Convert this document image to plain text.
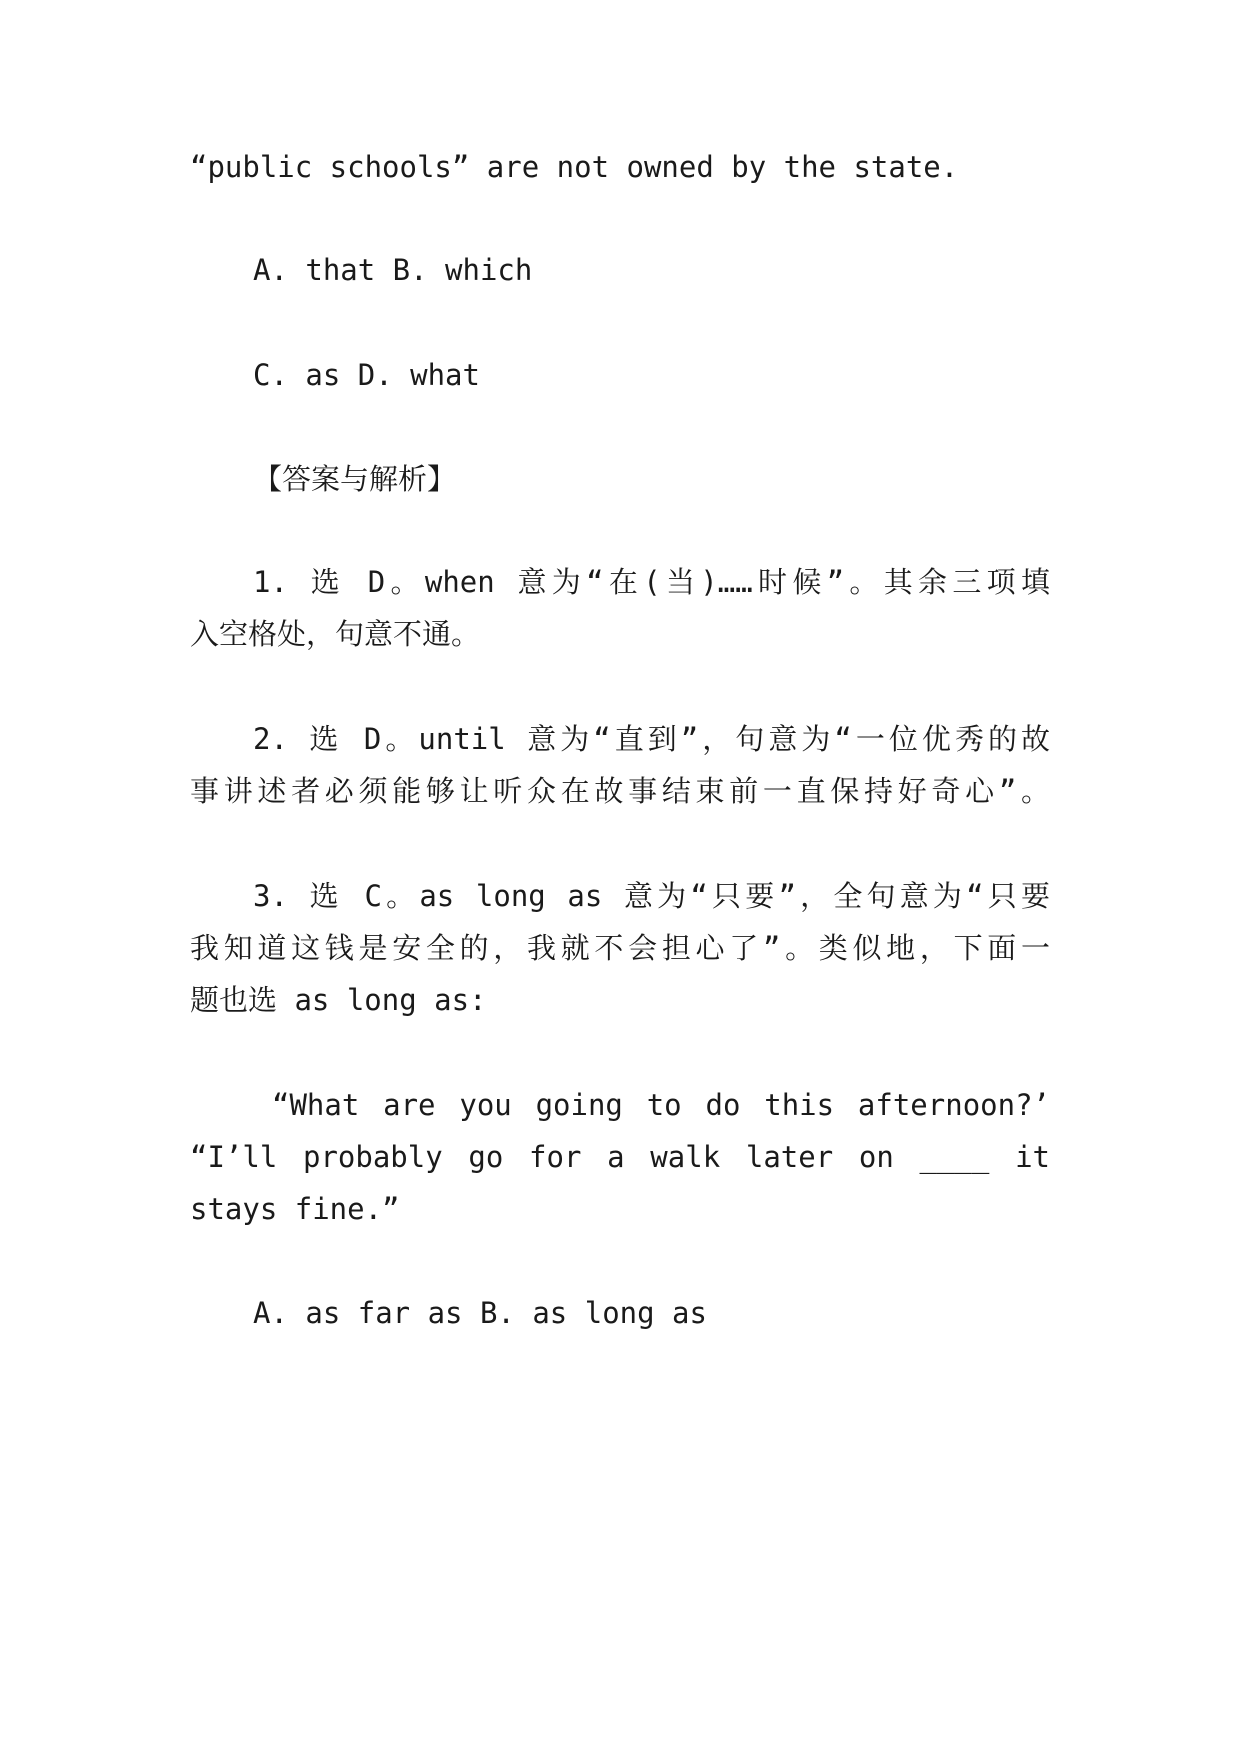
“public schools” are not owned by the state.
A. that B. which
C. as D. what
【答案与解析】
1. 选 D。when 意为“在(当)……时候”。其余三项填
入空格处，句意不通。
2. 选 D。until 意为“直到”，句意为“一位优秀的故
事讲述者必须能够让听众在故事结束前一直保持好奇心”。
3. 选 C。as long as 意为“只要”，全句意为“只要
我知道这钱是安全的，我就不会担心了”。类似地，下面一
题也选 as long as:
“What are you going to do this afternoon?’
“I’ll probably go for a walk later on ____ it
stays fine.”
A. as far as B. as long as
